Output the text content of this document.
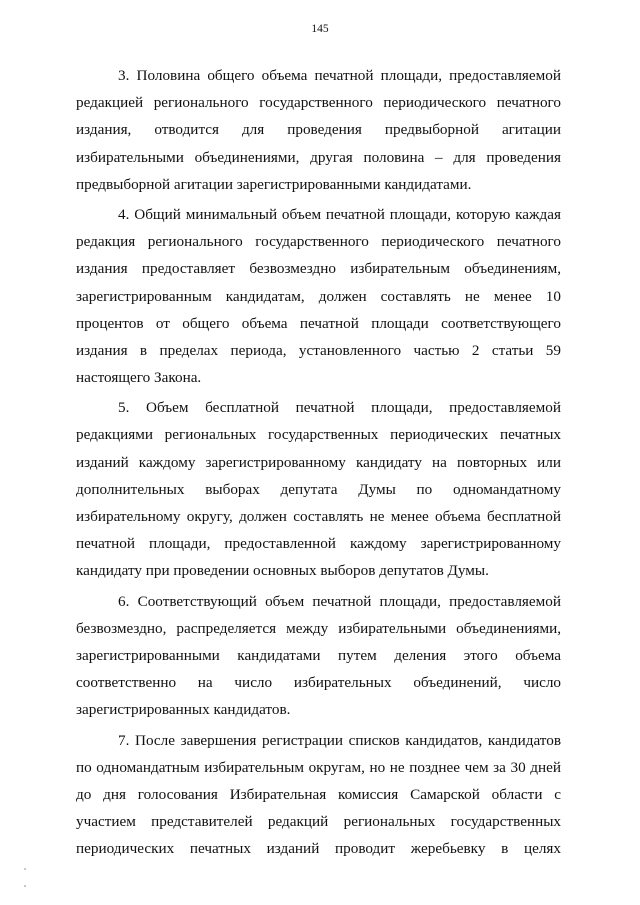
145
3. Половина общего объема печатной площади, предоставляемой
редакцией регионального государственного периодического печатного
издания, отводится для проведения предвыборной агитации
избирательными объединениями, другая половина – для проведения
предвыборной агитации зарегистрированными кандидатами.
4. Общий минимальный объем печатной площади, которую каждая
редакция регионального государственного периодического печатного
издания предоставляет безвозмездно избирательным объединениям,
зарегистрированным кандидатам, должен составлять не менее 10
процентов от общего объема печатной площади соответствующего
издания в пределах периода, установленного частью 2 статьи 59
настоящего Закона.
5. Объем бесплатной печатной площади, предоставляемой
редакциями региональных государственных периодических печатных
изданий каждому зарегистрированному кандидату на повторных или
дополнительных выборах депутата Думы по одномандатному
избирательному округу, должен составлять не менее объема бесплатной
печатной площади, предоставленной каждому зарегистрированному
кандидату при проведении основных выборов депутатов Думы.
6. Соответствующий объем печатной площади, предоставляемой
безвозмездно, распределяется между избирательными объединениями,
зарегистрированными кандидатами путем деления этого объема
соответственно на число избирательных объединений, число
зарегистрированных кандидатов.
7. После завершения регистрации списков кандидатов, кандидатов
по одномандатным избирательным округам, но не позднее чем за 30 дней
до дня голосования Избирательная комиссия Самарской области с
участием представителей редакций региональных государственных
периодических печатных изданий проводит жеребьевку в целях
